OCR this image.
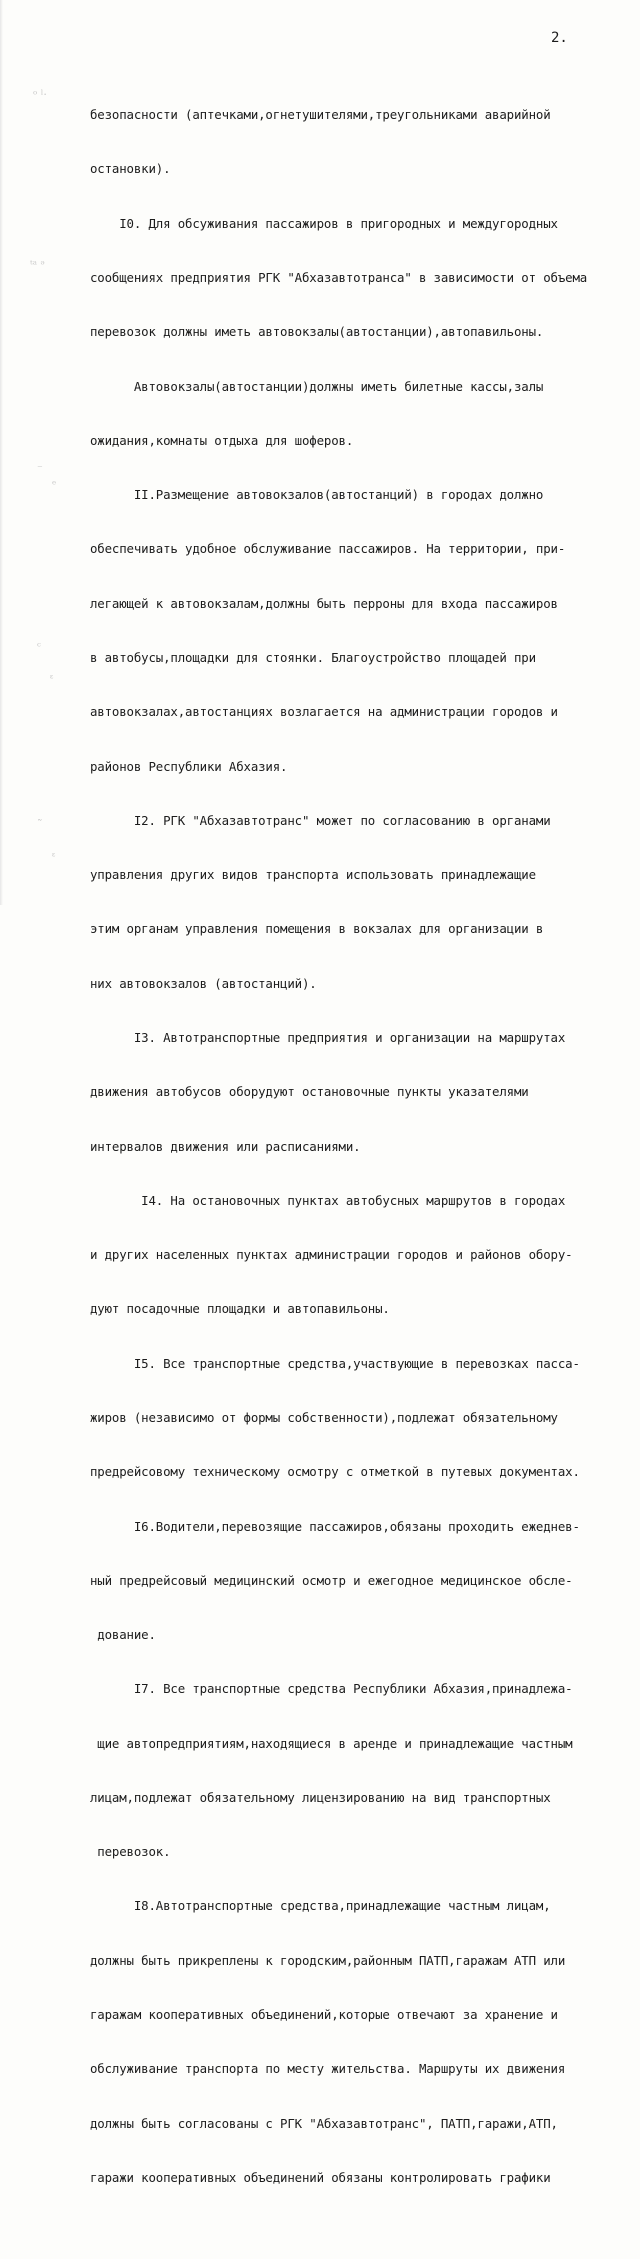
2.
ᵒ ˡ·
ᵗᵃ ᵊ
⁻
ᵉ
ᶜ
ᵋ
˜
ᵋ

безопасности (аптечками,огнетушителями,треугольниками аварийной

остановки).

I0. Для обсуживания пассажиров в пригородных и междугородных

сообщениях предприятия РГК "Абхазавтотранса" в зависимости от объема

перевозок должны иметь автовокзалы(автостанции),автопавильоны.

Автовокзалы(автостанции)должны иметь билетные кассы,залы

ожидания,комнаты отдыха для шоферов.

II.Размещение автовокзалов(автостанций) в городах должно

обеспечивать удобное обслуживание пассажиров. На территории, при-

легающей к автовокзалам,должны быть перроны для входа пассажиров

в автобусы,площадки для стоянки. Благоустройство площадей при

автовокзалах,автостанциях возлагается на администрации городов и

районов Республики Абхазия.

I2. РГК "Абхазавтотранс" может по согласованию в органами

управления других видов транспорта использовать принадлежащие

этим органам управления помещения в вокзалах для организации в

них автовокзалов (автостанций).

I3. Автотранспортные предприятия и организации на маршрутах

движения автобусов оборудуют остановочные пункты указателями

интервалов движения или расписаниями.

I4. На остановочных пунктах автобусных маршрутов в городах

и других населенных пунктах администрации городов и районов обору-

дуют посадочные площадки и автопавильоны.

I5. Все транспортные средства,участвующие в перевозках пасса-

жиров (независимо от формы собственности),подлежат обязательному

предрейсовому техническому осмотру с отметкой в путевых документах.

I6.Водители,перевозящие пассажиров,обязаны проходить ежеднев-

ный предрейсовый медицинский осмотр и ежегодное медицинское обсле-

дование.

I7. Все транспортные средства Республики Абхазия,принадлежа-

щие автопредприятиям,находящиеся в аренде и принадлежащие частным

лицам,подлежат обязательному лицензированию на вид транспортных

перевозок.

I8.Автотранспортные средства,принадлежащие частным лицам,

должны быть прикреплены к городским,районным ПАТП,гаражам АТП или

гаражам кооперативных объединений,которые отвечают за хранение и

обслуживание транспорта по месту жительства. Маршруты их движения

должны быть согласованы с РГК "Абхазавтотранс", ПАТП,гаражи,АТП,

гаражи кооперативных объединений обязаны контролировать графики
